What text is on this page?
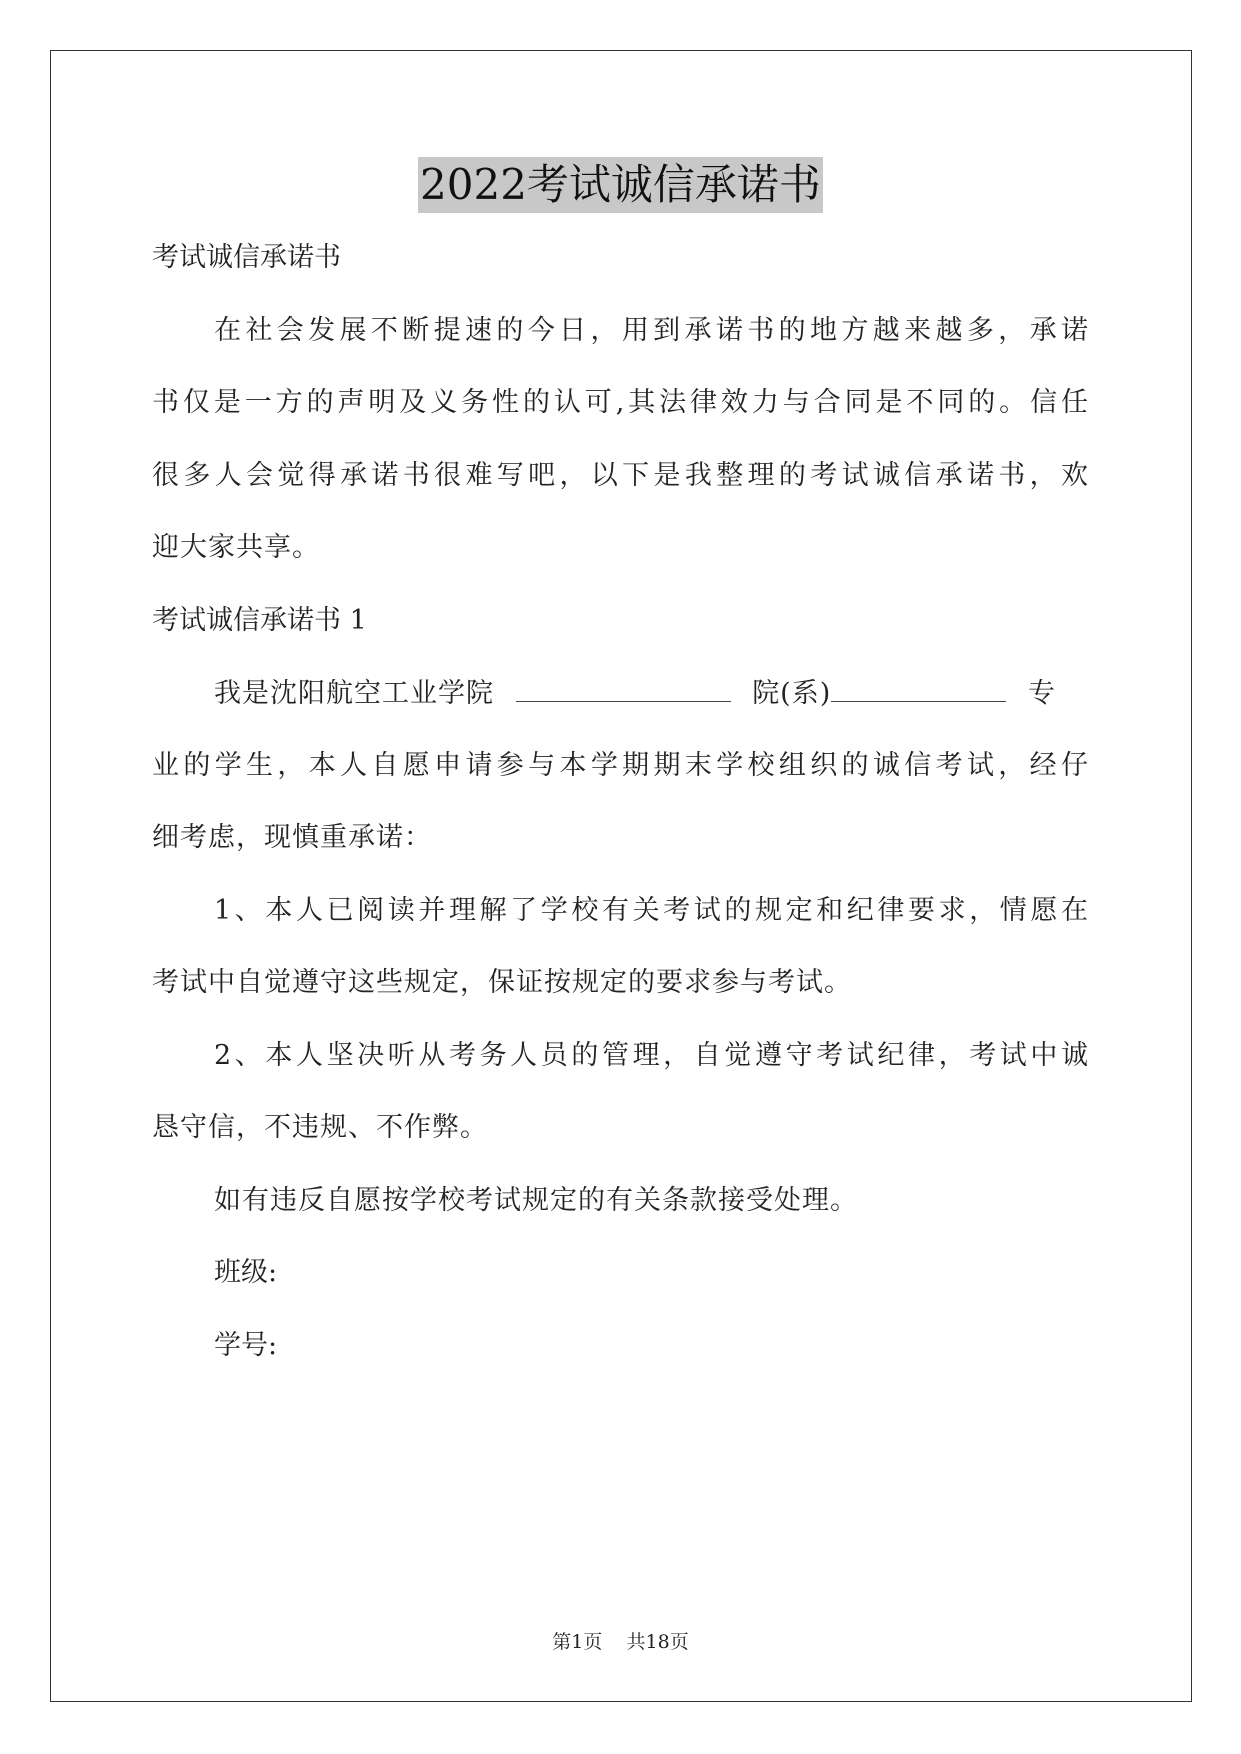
2022考试诚信承诺书
考试诚信承诺书
在社会发展不断提速的今日，用到承诺书的地方越来越多，承诺
书仅是一方的声明及义务性的认可,其法律效力与合同是不同的。信任
很多人会觉得承诺书很难写吧，以下是我整理的考试诚信承诺书，欢
迎大家共享。
考试诚信承诺书 1
我是沈阳航空工业学院	院(系)	专
业的学生，本人自愿申请参与本学期期末学校组织的诚信考试，经仔
细考虑，现慎重承诺：
1、本人已阅读并理解了学校有关考试的规定和纪律要求，情愿在
考试中自觉遵守这些规定，保证按规定的要求参与考试。
2、本人坚决听从考务人员的管理，自觉遵守考试纪律，考试中诚
恳守信，不违规、不作弊。
如有违反自愿按学校考试规定的有关条款接受处理。
班级:
学号:
第1页 共18页
